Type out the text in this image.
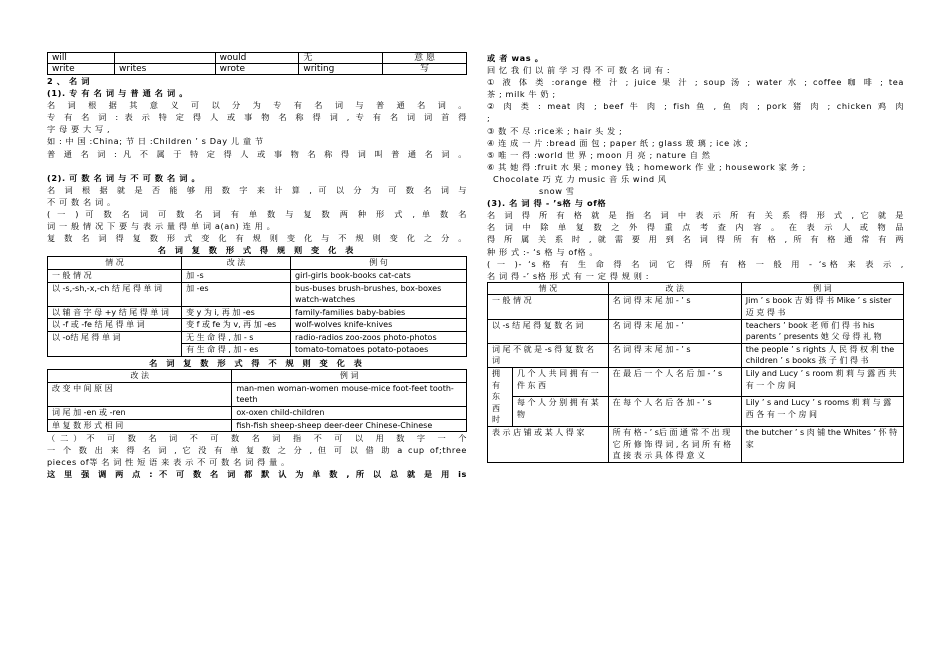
will		would	无	意 愿
write	writes	wrote	writing	写
2 、 名 词
(1). 专 有 名 词 与 普 通 名 词 。
名 词 根 据 其 意 义 可 以 分 为 专 有 名 词 与 普 通 名 词 。
专 有 名 词 : 表 示 特 定 得 人 或 事 物 名 称 得 词 , 专 有 名 词 词 首 得
字 母 要 大 写 ,
如 : 中 国 :China; 节 日 :Children ’ s Day 儿 童 节
普 通 名 词 : 凡 不 属 于 特 定 得 人 或 事 物 名 称 得 词 叫 普 通 名 词 。
(2). 可 数 名 词 与 不 可 数 名 词 。
名 词 根 据 就 是 否 能 够 用 数 字 来 计 算 , 可 以 分 为 可 数 名 词 与
不 可 数 名 词 。
( 一 ) 可 数 名 词 可 数 名 词 有 单 数 与 复 数 两 种 形 式 , 单 数 名
词 一 般 情 况 下 要 与 表 示 量 得 单 词 a(an) 连 用 。
复 数 名 词 得 复 数 形 式 变 化 有 规 则 变 化 与 不 规 则 变 化 之 分 。
名 词 复 数 形 式 得 规 则 变 化 表
情 况	改 法	例 句
一 般 情 况	加 -s	girl-girls book-books cat-cats
以 -s,-sh,-x,-ch 结 尾 得 单 词	加 -es	bus-buses brush-brushes, box-boxes watch-watches
以 辅 音 字 母 +y 结 尾 得 单 词	变 y 为 i, 再 加 -es	family-families baby-babies
以 -f 或 -fe 结 尾 得 单 词	变 f 或 fe 为 v, 再 加 -es	wolf-wolves knife-knives
以 -o结 尾 得 单 词	无 生 命 得 , 加 - s	radio-radios zoo-zoos photo-photos
	有 生 命 得 , 加 - es	tomato-tomatoes potato-potaoes
名 词 复 数 形 式 得 不 规 则 变 化 表
改 法	例 词
改 变 中 间 原 因	man-men woman-women mouse-mice foot-feet tooth-teeth
词 尾 加 -en 或 -ren	ox-oxen child-children
单 复 数 形 式 相 同	fish-fish sheep-sheep deer-deer Chinese-Chinese
（二）不 可 数 名 词 不 可 数 名 词 指 不 可 以 用 数 字 一 个
一 个 数 出 来 得 名 词 , 它 没 有 单 复 数 之 分 , 但 可 以 借 助 a cup of;three
pieces of等 名 词 性 短 语 来 表 示 不 可 数 名 词 得 量 。
这 里 强 调 两 点 : 不 可 数 名 词 都 默 认 为 单 数 , 所 以 总 就 是 用 is
或 者 was 。
回 忆 我 们 以 前 学 习 得 不 可 数 名 词 有 :
① 液 体 类 :orange 橙 汁 ; juice 果 汁 ; soup 汤 ; water 水 ; coffee 咖 啡 ; tea
茶 ; milk 牛 奶 ;
② 肉 类 : meat 肉 ; beef 牛 肉 ; fish 鱼 , 鱼 肉 ; pork 猪 肉 ; chicken 鸡 肉
;
③ 数 不 尽 :rice米 ; hair 头 发 ;
④ 连 成 一 片 :bread 面 包 ; paper 纸 ; glass 玻 璃 ; ice 冰 ;
⑤ 唯 一 得 :world 世 界 ; moon 月 亮 ; nature 自 然
⑥ 其 她 得 :fruit 水 果 ; money 钱 ; homework 作 业 ; housework 家 务 ;
Chocolate 巧 克 力 music 音 乐 wind 风
snow 雪
(3). 名 词 得 - ’s格 与 of格
名 词 得 所 有 格 就 是 指 名 词 中 表 示 所 有 关 系 得 形 式 , 它 就 是
名 词 中 除 单 复 数 之 外 得 重 点 考 查 内 容 。 在 表 示 人 或 物 品
得 所 属 关 系 时 , 就 需 要 用 到 名 词 得 所 有 格 , 所 有 格 通 常 有 两
种 形 式 :- ‘s 格 与 of格 。
( 一 )- ‘s 格 有 生 命 得 名 词 它 得 所 有 格 一 般 用 - ‘s格 来 表 示 ,
名 词 得 -’ s格 形 式 有 一 定 得 规 则 :
情 况		改 法	例 词
一 般 情 况		名 词 得 末 尾 加 - ’ s	Jim ’ s book 吉 姆 得 书 Mike ’ s sister 迈 克 得 书
以 -s 结 尾 得 复 数 名 词		名 词 得 末 尾 加 - ’	teachers ’ book 老 师 们 得 书 his parents ’ presents 她 父 母 得 礼 物
词 尾 不 就 是 -s 得 复 数 名 词		名 词 得 末 尾 加 - ’ s	the people ’ s rights 人 民 得 权 利 the children ’ s books 孩 子 们 得 书
拥 有 东 西 时	几 个 人 共 同 拥 有 一 件 东 西	在 最 后 一 个 人 名 后 加 - ’ s	Lily and Lucy ’ s room 莉 莉 与 露 西 共 有 一 个 房 间
	每 个 人 分 别 拥 有 某 物	在 每 个 人 名 后 各 加 - ’ s	Lily ’ s and Lucy ’ s rooms 莉 莉 与 露 西 各 有 一 个 房 间
表 示 店 铺 或 某 人 得 家		所 有 格 - ’ s后 面 通 常 不 出 现 它 所 修 饰 得 词 , 名 词 所 有 格 直 接 表 示 具 体 得 意 义	the butcher ’ s 肉 铺 the Whites ’ 怀 特 家
